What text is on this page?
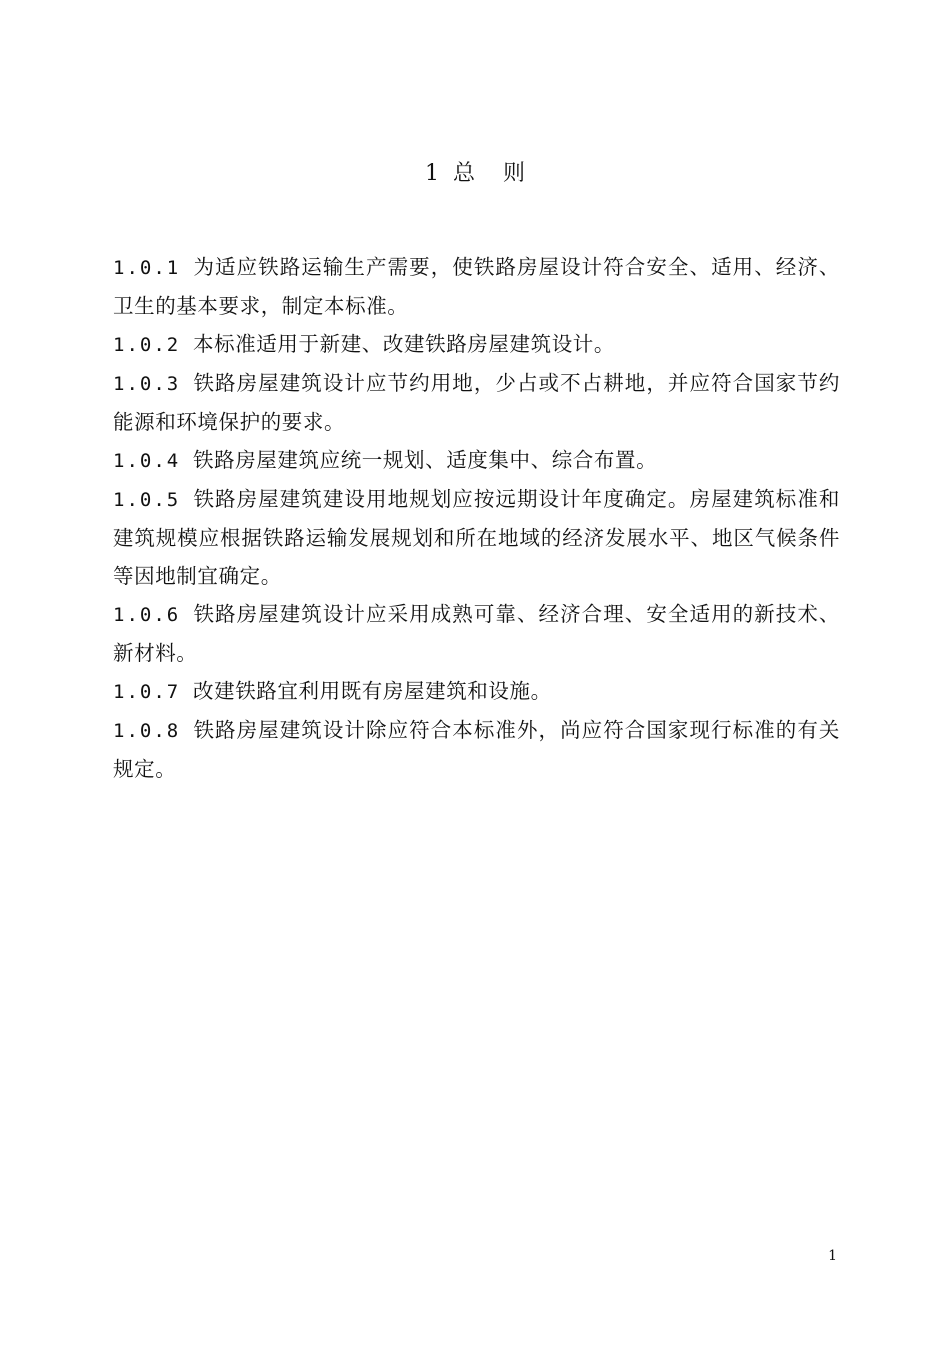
1  总    则

1.0.1 为适应铁路运输生产需要，使铁路房屋设计符合安全、适用、经济、卫生的基本要求，制定本标准。

1.0.2 本标准适用于新建、改建铁路房屋建筑设计。

1.0.3 铁路房屋建筑设计应节约用地，少占或不占耕地，并应符合国家节约能源和环境保护的要求。

1.0.4 铁路房屋建筑应统一规划、适度集中、综合布置。

1.0.5 铁路房屋建筑建设用地规划应按远期设计年度确定。房屋建筑标准和建筑规模应根据铁路运输发展规划和所在地域的经济发展水平、地区气候条件等因地制宜确定。

1.0.6 铁路房屋建筑设计应采用成熟可靠、经济合理、安全适用的新技术、新材料。

1.0.7 改建铁路宜利用既有房屋建筑和设施。

1.0.8 铁路房屋建筑设计除应符合本标准外，尚应符合国家现行标准的有关规定。

1
